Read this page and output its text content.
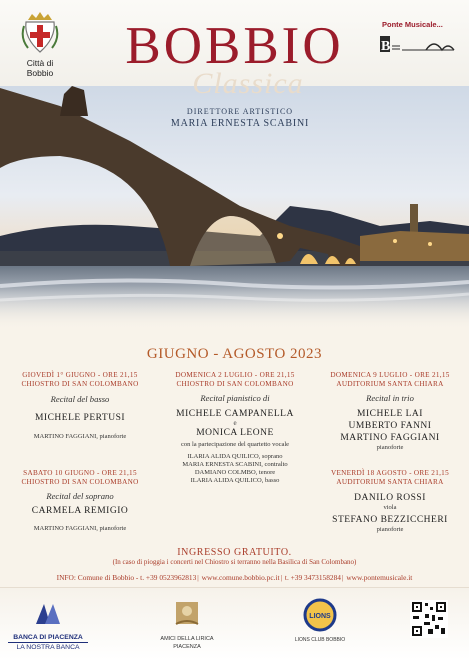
Città di
Bobbio
B
Ponte Musicale...
BOBBIO
Classica
DIRETTORE ARTISTICO
MARIA ERNESTA SCABINI
GIUGNO - AGOSTO 2023
GIOVEDÌ 1° GIUGNO - ORE 21,15
CHIOSTRO DI SAN COLOMBANO
Recital del basso
MICHELE PERTUSI
MARTINO FAGGIANI, pianoforte
DOMENICA 2 LUGLIO - ORE 21,15
CHIOSTRO DI SAN COLOMBANO
Recital pianistico di
MICHELE CAMPANELLA
e
MONICA LEONE
con la partecipazione del quartetto vocale
ILARIA ALIDA QUILICO, soprano
MARIA ERNESTA SCABINI, contralto
DAMIANO COLMBO, tenore
ILARIA ALIDA QUILICO, basso
DOMENICA 9 LUGLIO - ORE 21,15
AUDITORIUM SANTA CHIARA
Recital in trio
MICHELE LAI
UMBERTO FANNI
MARTINO FAGGIANI
pianoforte
SABATO 10 GIUGNO - ORE 21,15
CHIOSTRO DI SAN COLOMBANO
Recital del soprano
CARMELA REMIGIO
MARTINO FAGGIANI, pianoforte
VENERDÌ 18 AGOSTO - ORE 21,15
AUDITORIUM SANTA CHIARA
DANILO ROSSI
viola
STEFANO BEZZICCHERI
pianoforte
INGRESSO GRATUITO.
(In caso di pioggia i concerti nel Chiostro si terranno nella Basilica di San Colombano)
INFO: Comune di Bobbio - t. +39 0523962813| www.comune.bobbio.pc.it| t. +39 3473158284| www.pontemusicale.it
BANCA DI PIACENZA
LA NOSTRA BANCA
AMICI DELLA LIRICA
PIACENZA
LIONS
LIONS CLUB BOBBIO
